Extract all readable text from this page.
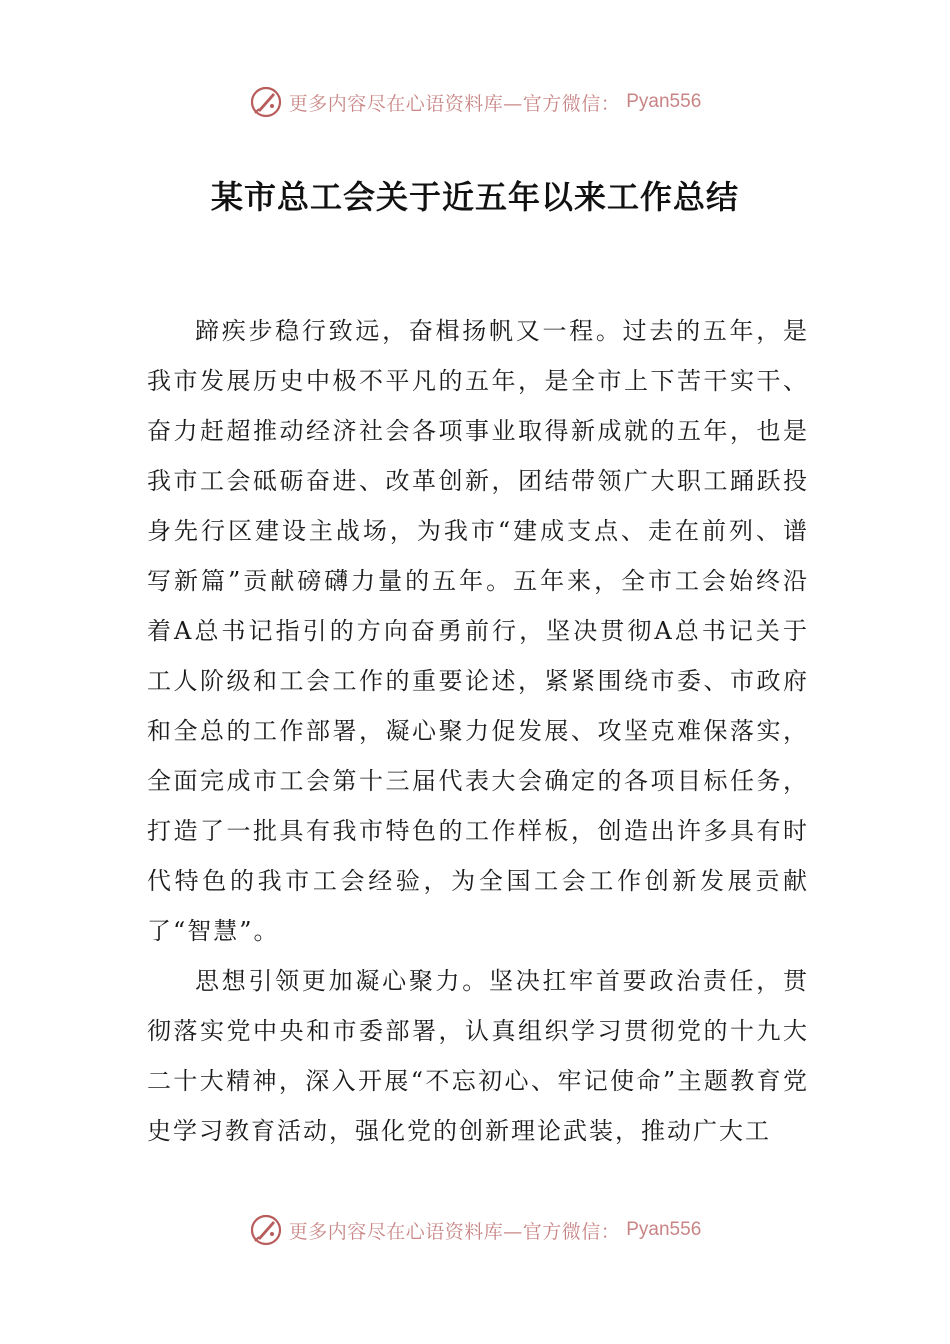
更多内容尽在心语资料库—官方微信： Pyan556
某市总工会关于近五年以来工作总结

蹄疾步稳行致远，奋楫扬帆又一程。过去的五年，是我市发展历史中极不平凡的五年，是全市上下苦干实干、奋力赶超推动经济社会各项事业取得新成就的五年，也是我市工会砥砺奋进、改革创新，团结带领广大职工踊跃投身先行区建设主战场，为我市“建成支点、走在前列、谱写新篇”贡献磅礴力量的五年。五年来，全市工会始终沿着A总书记指引的方向奋勇前行，坚决贯彻A总书记关于工人阶级和工会工作的重要论述，紧紧围绕市委、市政府和全总的工作部署，凝心聚力促发展、攻坚克难保落实，全面完成市工会第十三届代表大会确定的各项目标任务，打造了一批具有我市特色的工作样板，创造出许多具有时代特色的我市工会经验，为全国工会工作创新发展贡献了“智慧”。

思想引领更加凝心聚力。坚决扛牢首要政治责任，贯彻落实党中央和市委部署，认真组织学习贯彻党的十九大二十大精神，深入开展“不忘初心、牢记使命”主题教育党史学习教育活动，强化党的创新理论武装，推动广大工

更多内容尽在心语资料库—官方微信： Pyan556
